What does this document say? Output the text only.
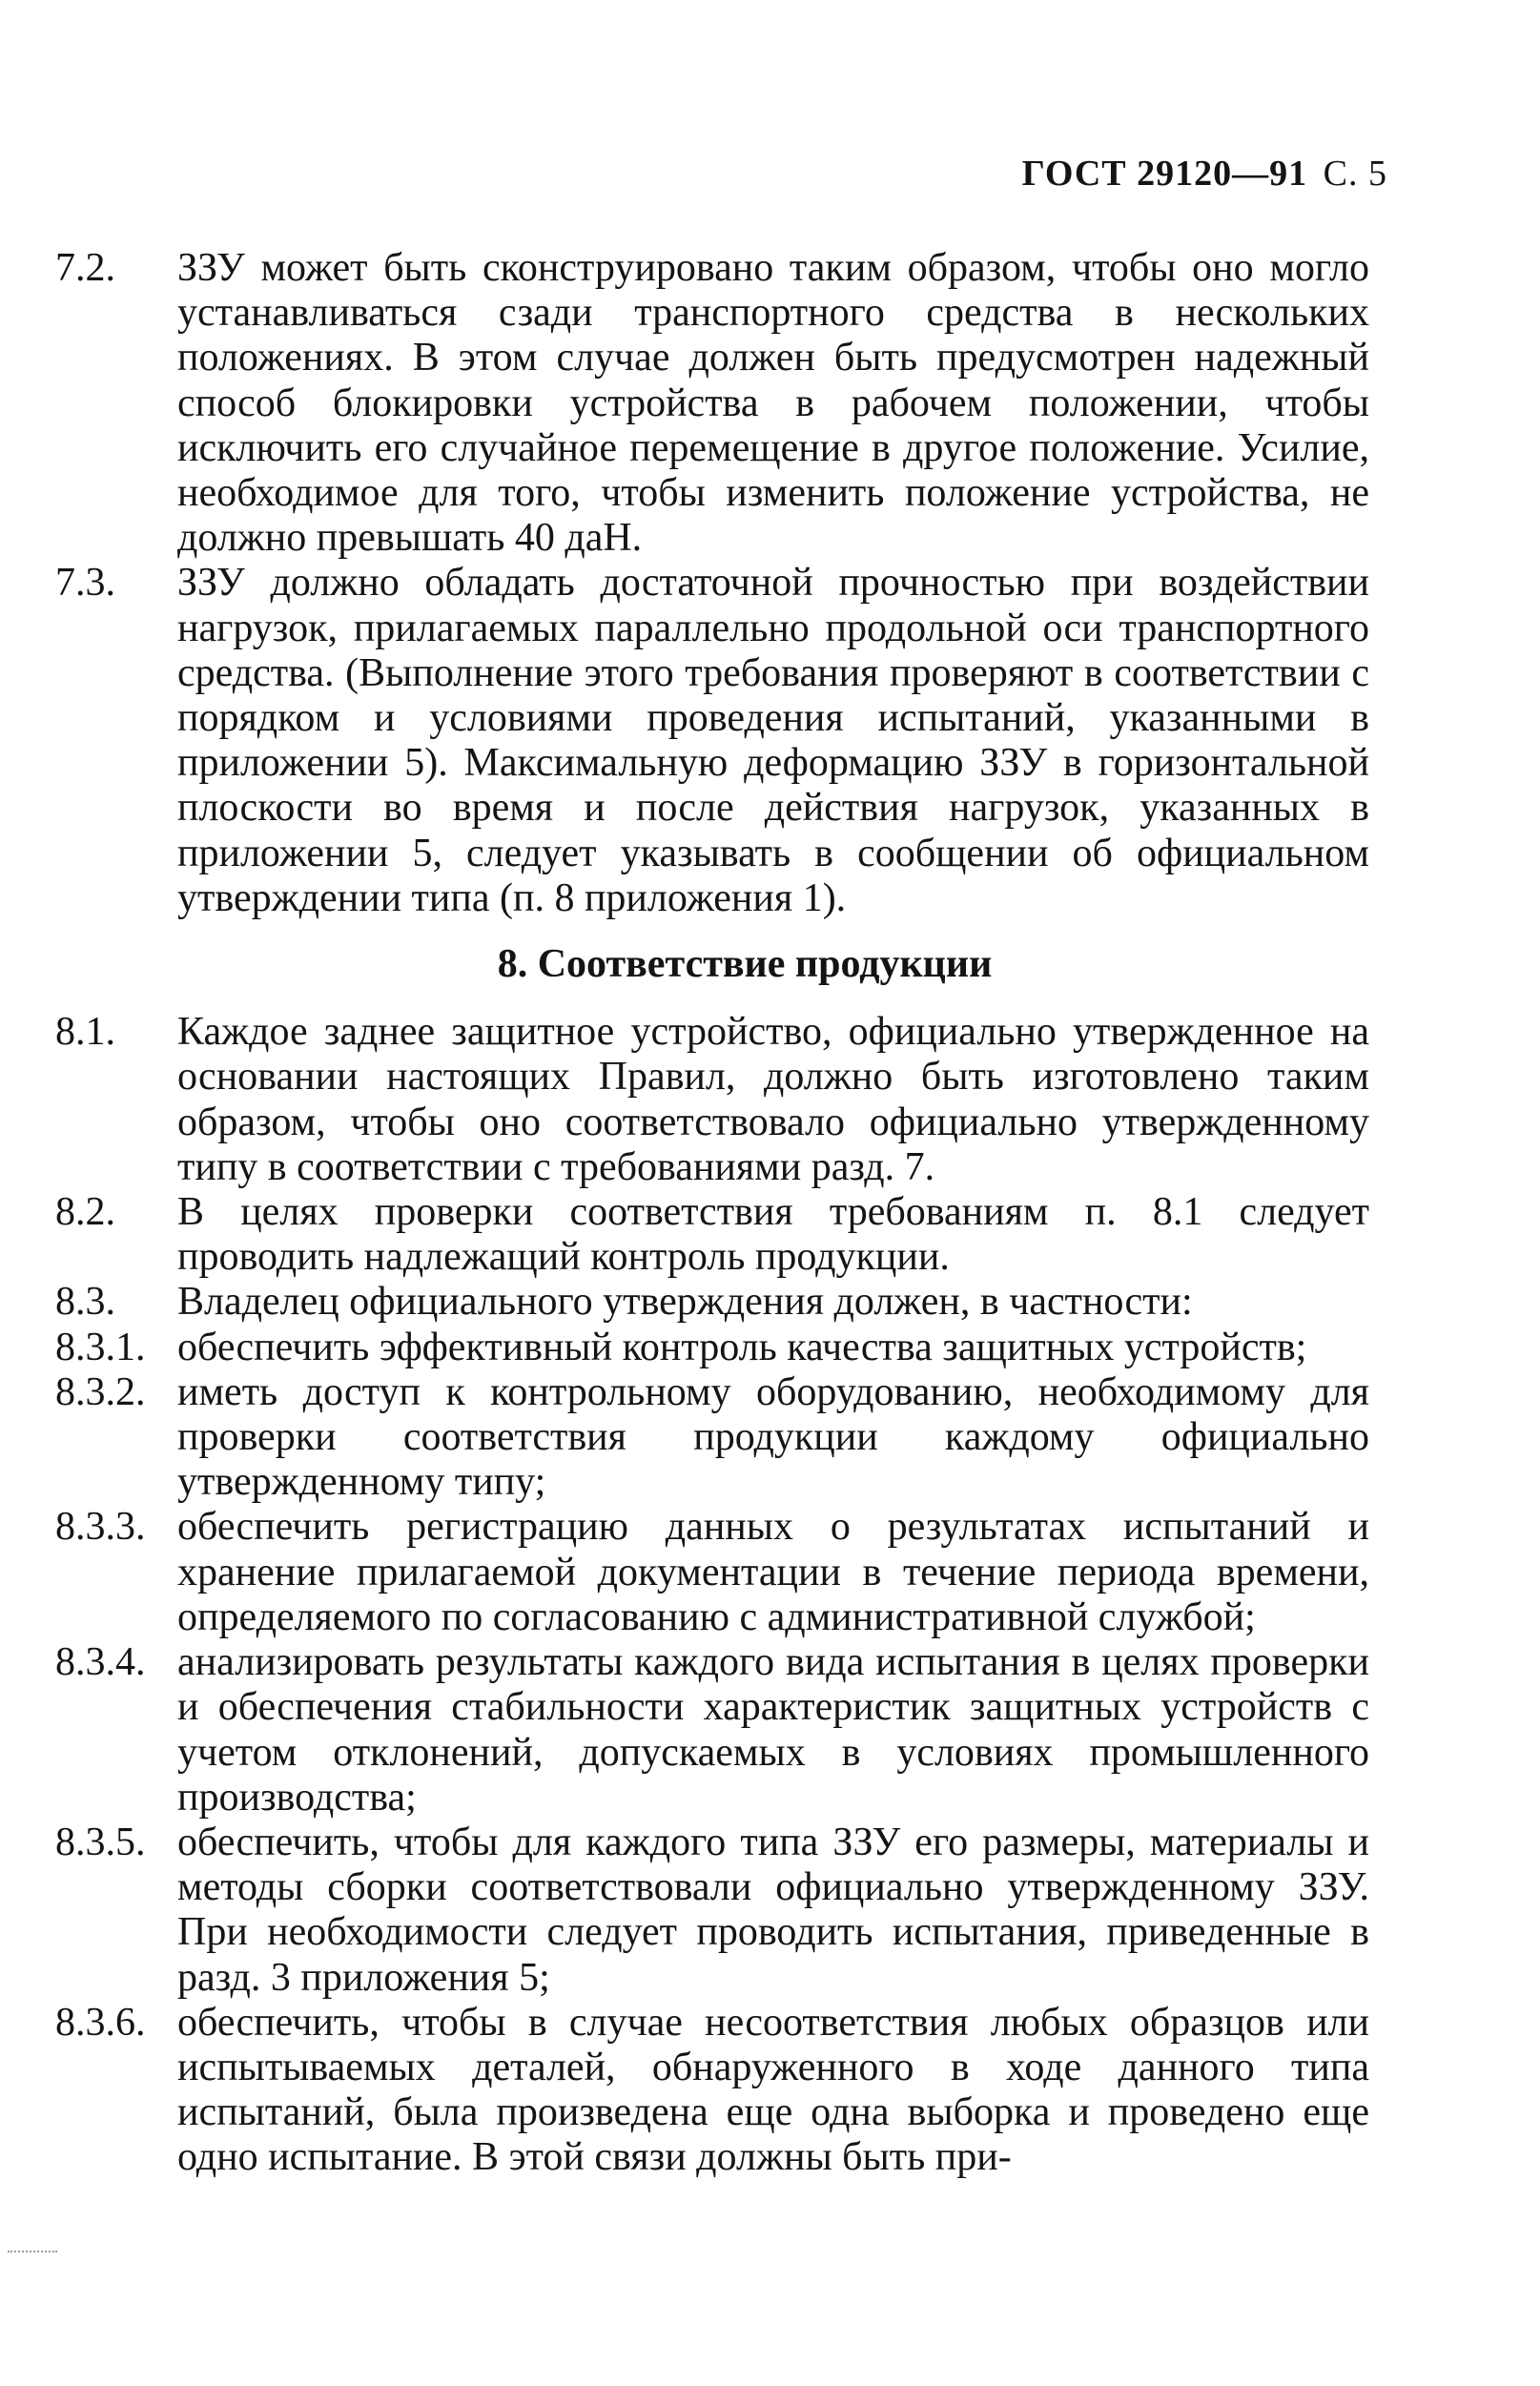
ГОСТ 29120—91 С. 5
7.2.	ЗЗУ может быть сконструировано таким образом, чтобы оно могло устанавливаться сзади транспортного средства в нескольких положениях. В этом случае должен быть предусмотрен надежный способ блокировки устройства в рабочем положении, чтобы исключить его случайное перемещение в другое положение. Усилие, необходимое для того, чтобы изменить положение устройства, не должно превышать 40 даН.
7.3.	ЗЗУ должно обладать достаточной прочностью при воздействии нагрузок, прилагаемых параллельно продольной оси транспортного средства. (Выполнение этого требования проверяют в соответствии с порядком и условиями проведения испытаний, указанными в приложении 5). Максимальную деформацию ЗЗУ в горизонтальной плоскости во время и после действия нагрузок, указанных в приложении 5, следует указывать в сообщении об официальном утверждении типа (п. 8 приложения 1).
8. Соответствие продукции
8.1.	Каждое заднее защитное устройство, официально утвержденное на основании настоящих Правил, должно быть изготовлено таким образом, чтобы оно соответствовало официально утвержденному типу в соответствии с требованиями разд. 7.
8.2.	В целях проверки соответствия требованиям п. 8.1 следует проводить надлежащий контроль продукции.
8.3.	Владелец официального утверждения должен, в частности:
8.3.1. обеспечить эффективный контроль качества защитных устройств;
8.3.2. иметь доступ к контрольному оборудованию, необходимому для проверки соответствия продукции каждому официально утвержденному типу;
8.3.3. обеспечить регистрацию данных о результатах испытаний и хранение прилагаемой документации в течение периода времени, определяемого по согласованию с административной службой;
8.3.4. анализировать результаты каждого вида испытания в целях проверки и обеспечения стабильности характеристик защитных устройств с учетом отклонений, допускаемых в условиях промышленного производства;
8.3.5. обеспечить, чтобы для каждого типа ЗЗУ его размеры, материалы и методы сборки соответствовали официально утвержденному ЗЗУ. При необходимости следует проводить испытания, приведенные в разд. 3 приложения 5;
8.3.6. обеспечить, чтобы в случае несоответствия любых образцов или испытываемых деталей, обнаруженного в ходе данного типа испытаний, была произведена еще одна выборка и проведено еще одно испытание. В этой связи должны быть при-
